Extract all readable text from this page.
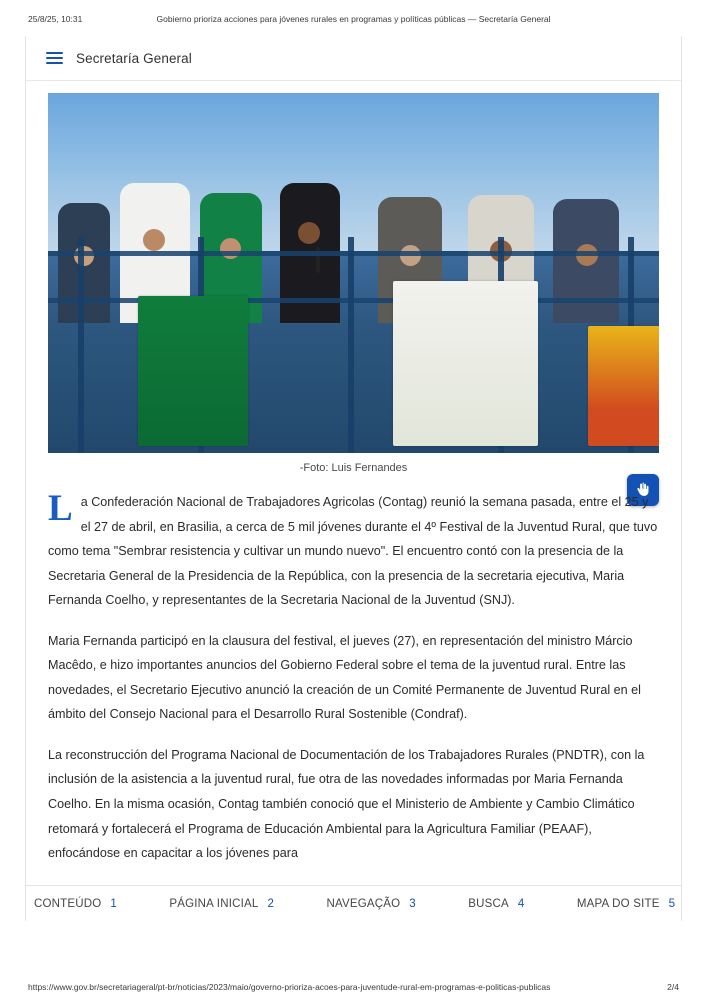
25/8/25, 10:31	Gobierno prioriza acciones para jóvenes rurales en programas y políticas públicas — Secretaría General
Secretaría General
-Foto: Luis Fernandes

La Confederación Nacional de Trabajadores Agricolas (Contag) reunió la semana pasada, entre el 25 y el 27 de abril, en Brasilia, a cerca de 5 mil jóvenes durante el 4º Festival de la Juventud Rural, que tuvo como tema "Sembrar resistencia y cultivar un mundo nuevo". El encuentro contó con la presencia de la Secretaria General de la Presidencia de la República, con la presencia de la secretaria ejecutiva, Maria Fernanda Coelho, y representantes de la Secretaria Nacional de la Juventud (SNJ).

Maria Fernanda participó en la clausura del festival, el jueves (27), en representación del ministro Márcio Macêdo, e hizo importantes anuncios del Gobierno Federal sobre el tema de la juventud rural. Entre las novedades, el Secretario Ejecutivo anunció la creación de un Comité Permanente de Juventud Rural en el ámbito del Consejo Nacional para el Desarrollo Rural Sostenible (Condraf).

La reconstrucción del Programa Nacional de Documentación de los Trabajadores Rurales (PNDTR), con la inclusión de la asistencia a la juventud rural, fue otra de las novedades informadas por Maria Fernanda Coelho. En la misma ocasión, Contag también conoció que el Ministerio de Ambiente y Cambio Climático retomará y fortalecerá el Programa de Educación Ambiental para la Agricultura Familiar (PEAAF), enfocándose en capacitar a los jóvenes para

CONTEÚDO 1	PÁGINA INICIAL 2	NAVEGAÇÃO 3	BUSCA 4	MAPA DO SITE 5
https://www.gov.br/secretariageral/pt-br/noticias/2023/maio/governo-prioriza-acoes-para-juventude-rural-em-programas-e-politicas-publicas	2/4
